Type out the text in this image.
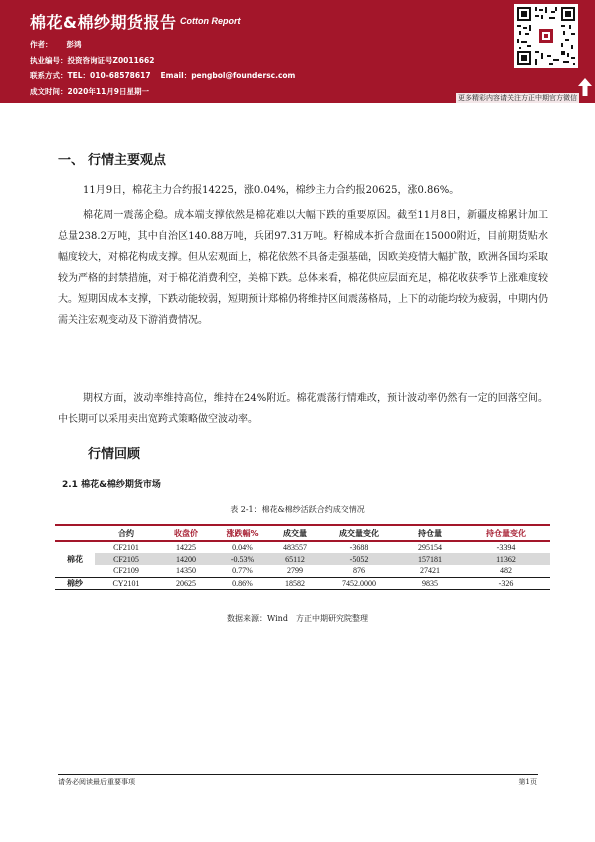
棉花&棉纱期货报告 Cotton Report
作者： 彭鸿
执业编号：投资咨询证号Z0011662
联系方式：TEL：010-68578617 Email：pengbol@foundersc.com
成文时间：2020年11月9日星期一
更多精彩内容请关注方正中期官方微信
一、 行情主要观点

11月9日，棉花主力合约报14225，涨0.04%，棉纱主力合约报20625，涨0.86%。

棉花周一震荡企稳。成本端支撑依然是棉花难以大幅下跌的重要原因。截至11月8日，新疆皮棉累计加工总量238.2万吨，其中自治区140.88万吨，兵团97.31万吨。籽棉成本折合盘面在15000附近，目前期货贴水幅度较大，对棉花构成支撑。但从宏观面上，棉花依然不具备走强基础，因欧美疫情大幅扩散，欧洲各国均采取较为严格的封禁措施，对于棉花消费利空，美棉下跌。总体来看，棉花供应层面充足，棉花收获季节上涨难度较大。短期因成本支撑，下跌动能较弱，短期预计郑棉仍将维持区间震荡格局，上下的动能均较为疲弱，中期内仍需关注宏观变动及下游消费情况。

期权方面，波动率维持高位，维持在24%附近。棉花震荡行情难改，预计波动率仍然有一定的回落空间。中长期可以采用卖出宽跨式策略做空波动率。

行情回顾
2.1 棉花&棉纱期货市场
表 2-1：棉花&棉纱活跃合约成交情况
	合约	收盘价	涨跌幅%	成交量	成交量变化	持仓量	持仓量变化
棉花	CF2101	14225	0.04%	483557	-3688	295154	-3394
	CF2105	14200	-0.53%	65112	-5052	157181	11362
	CF2109	14350	0.77%	2799	876	27421	482
棉纱	CY2101	20625	0.86%	18582	7452.0000	9835	-326
数据来源：Wind　方正中期研究院整理
请务必阅读最后重要事项	第1页
